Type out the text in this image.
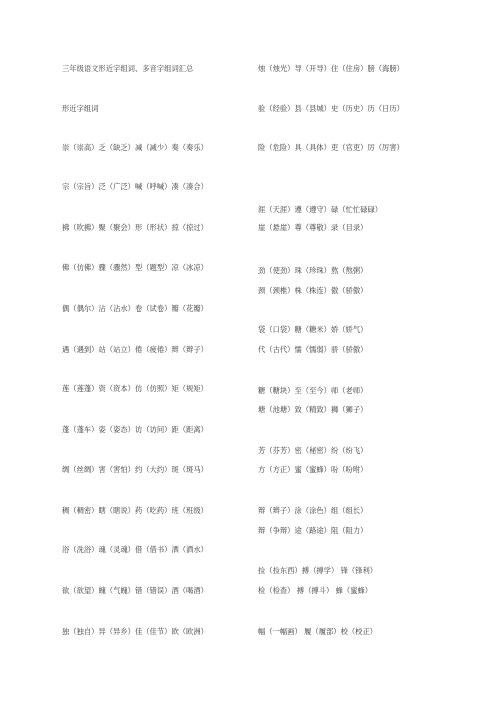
三年级语文形近字组词、多音字组词汇总
形近字组词
崇（崇高）乏（缺乏）减（减少）奏（奏乐）
宗（宗旨）泛（广泛）喊（呼喊）凑（凑合）
拂（吹拂）聚（聚会）形（形状）掠（掠过）
佛（仿佛）骤（骤然）型（题型）凉（冰凉）
偶（偶尔）沾（沾水）卷（试卷）瓣（花瓣）
遇（遇到）站（站立）倦（疲倦）辫（辫子）
莲（莲蓬）资（资本）仿（仿照）矩（规矩）
蓬（蓬车）姿（姿态）访（访问）距（距离）
绸（丝绸）害（害怕）约（大约）斑（斑马）
稠（稠密）瞎（瞎说）药（吃药）班（班级）
浴（洗浴）魂（灵魂）借（借书）洒（洒水）
欲（欲望）魄（气魄）错（错误）酒（喝酒）
独（独自）异（异乡）佳（佳节）欧（欧洲）
烛（烛光）导（开导）住（住房）膀（海膀）
验（经验）县（县城）史（历史）历（日历）
险（危险）具（具体）吏（官吏）厉（厉害）
涯（天涯）遵（遵守）碌（忙忙碌碌）
崖（悬崖）尊（尊敬）录（目录）
劲（使劲）珠（珍珠）熬（熬粥）
颈（颈椎）株（株连）傲（骄傲）
袋（口袋）糖（糖米）娇（娇气）
代（古代）懦（懦弱）骄（骄傲）
糖（糖块）至（至今）师（老师）
塘（池塘）致（精致）狮（狮子）
芳（芬芳）密（秘密）纷（纷飞）
方（方正）蜜（蜜蜂）吩（吩咐）
辩（辫子）涂（涂色）组（组长）
辩（争辩）途（路途）阻（阻力）
捡（捡东西）搏（搏学） 锋（锋利）
检（检查） 搏（搏斗） 蜂（蜜蜂）
幅（一幅画） 履（履部）校（校正）
